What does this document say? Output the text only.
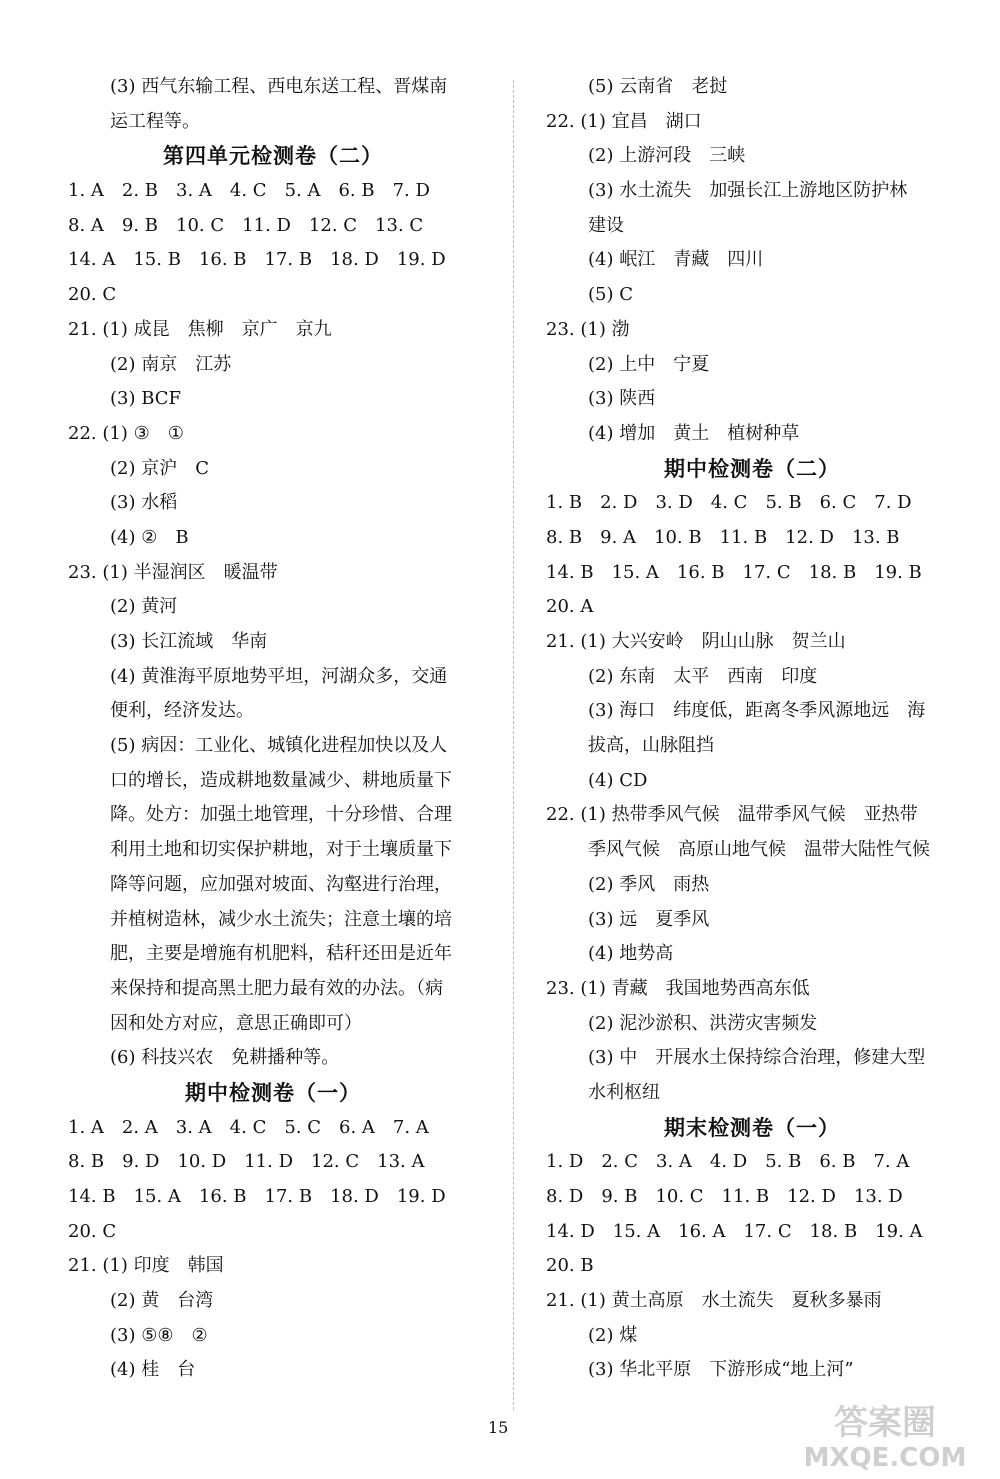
(3) 西气东输工程、西电东送工程、晋煤南
运工程等。
第四单元检测卷（二）
1. A　2. B　3. A　4. C　5. A　6. B　7. D
8. A　9. B　10. C　11. D　12. C　13. C
14. A　15. B　16. B　17. B　18. D　19. D
20. C
21. (1) 成昆　焦柳　京广　京九
(2) 南京　江苏
(3) BCF
22. (1) ③　①
(2) 京沪　C
(3) 水稻
(4) ②　B
23. (1) 半湿润区　暖温带
(2) 黄河
(3) 长江流域　华南
(4) 黄淮海平原地势平坦，河湖众多，交通
便利，经济发达。
(5) 病因：工业化、城镇化进程加快以及人
口的增长，造成耕地数量减少、耕地质量下
降。处方：加强土地管理，十分珍惜、合理
利用土地和切实保护耕地，对于土壤质量下
降等问题，应加强对坡面、沟壑进行治理，
并植树造林，减少水土流失；注意土壤的培
肥，主要是增施有机肥料，秸秆还田是近年
来保持和提高黑土肥力最有效的办法。（病
因和处方对应，意思正确即可）
(6) 科技兴农　免耕播种等。
期中检测卷（一）
1. A　2. A　3. A　4. C　5. C　6. A　7. A
8. B　9. D　10. D　11. D　12. C　13. A
14. B　15. A　16. B　17. B　18. D　19. D
20. C
21. (1) 印度　韩国
(2) 黄　台湾
(3) ⑤⑧　②
(4) 桂　台
(5) 云南省　老挝
22. (1) 宜昌　湖口
(2) 上游河段　三峡
(3) 水土流失　加强长江上游地区防护林
建设
(4) 岷江　青藏　四川
(5) C
23. (1) 渤
(2) 上中　宁夏
(3) 陕西
(4) 增加　黄土　植树种草
期中检测卷（二）
1. B　2. D　3. D　4. C　5. B　6. C　7. D
8. B　9. A　10. B　11. B　12. D　13. B
14. B　15. A　16. B　17. C　18. B　19. B
20. A
21. (1) 大兴安岭　阴山山脉　贺兰山
(2) 东南　太平　西南　印度
(3) 海口　纬度低，距离冬季风源地远　海
拔高，山脉阻挡
(4) CD
22. (1) 热带季风气候　温带季风气候　亚热带
季风气候　高原山地气候　温带大陆性气候
(2) 季风　雨热
(3) 远　夏季风
(4) 地势高
23. (1) 青藏　我国地势西高东低
(2) 泥沙淤积、洪涝灾害频发
(3) 中　开展水土保持综合治理，修建大型
水利枢纽
期末检测卷（一）
1. D　2. C　3. A　4. D　5. B　6. B　7. A
8. D　9. B　10. C　11. B　12. D　13. D
14. D　15. A　16. A　17. C　18. B　19. A
20. B
21. (1) 黄土高原　水土流失　夏秋多暴雨
(2) 煤
(3) 华北平原　下游形成“地上河”
15	答案圈
MXQE.COM
